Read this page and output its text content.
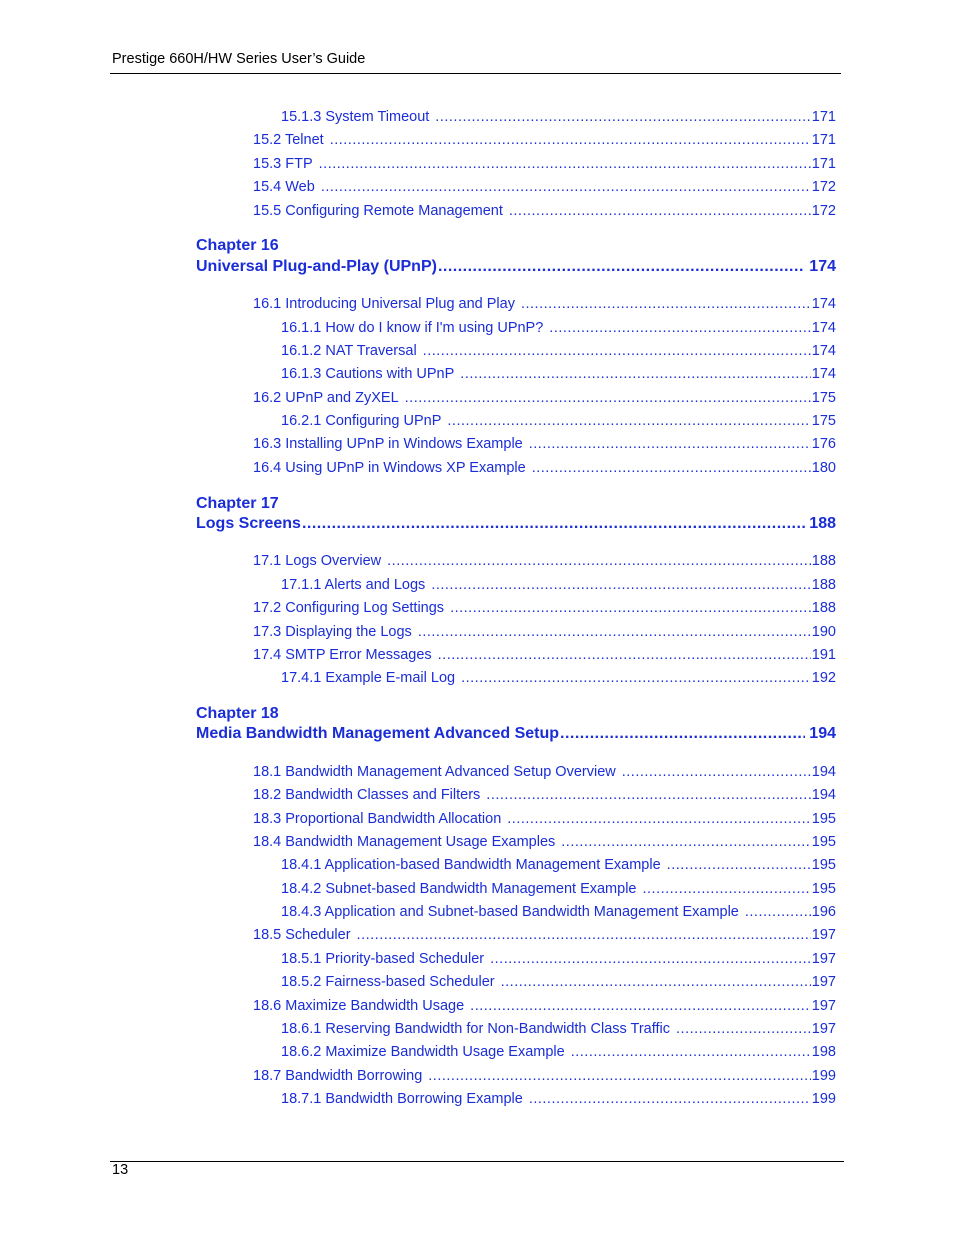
Prestige 660H/HW Series User’s Guide
15.1.3 System Timeout .....	171
15.2 Telnet .....	171
15.3 FTP .....	171
15.4 Web .....	172
15.5 Configuring Remote Management .....	172
Chapter 16
Universal Plug-and-Play (UPnP) .....	174
16.1 Introducing Universal Plug and Play .....	174
16.1.1 How do I know if I'm using UPnP? .....	174
16.1.2 NAT Traversal .....	174
16.1.3 Cautions with UPnP .....	174
16.2 UPnP and ZyXEL .....	175
16.2.1 Configuring UPnP .....	175
16.3 Installing UPnP in Windows Example .....	176
16.4 Using UPnP in Windows XP Example .....	180
Chapter 17
Logs Screens .....	188
17.1 Logs Overview .....	188
17.1.1 Alerts and Logs .....	188
17.2 Configuring Log Settings .....	188
17.3 Displaying the Logs .....	190
17.4 SMTP Error Messages .....	191
17.4.1 Example E-mail Log .....	192
Chapter 18
Media Bandwidth Management Advanced Setup .....	194
18.1 Bandwidth Management Advanced Setup Overview .....	194
18.2 Bandwidth Classes and Filters .....	194
18.3 Proportional Bandwidth Allocation .....	195
18.4 Bandwidth Management Usage Examples .....	195
18.4.1 Application-based Bandwidth Management Example .....	195
18.4.2 Subnet-based Bandwidth Management Example .....	195
18.4.3 Application and Subnet-based Bandwidth Management Example .....	196
18.5 Scheduler .....	197
18.5.1 Priority-based Scheduler .....	197
18.5.2 Fairness-based Scheduler .....	197
18.6 Maximize Bandwidth Usage .....	197
18.6.1 Reserving Bandwidth for Non-Bandwidth Class Traffic .....	197
18.6.2 Maximize Bandwidth Usage Example .....	198
18.7 Bandwidth Borrowing .....	199
18.7.1 Bandwidth Borrowing Example .....	199
13
